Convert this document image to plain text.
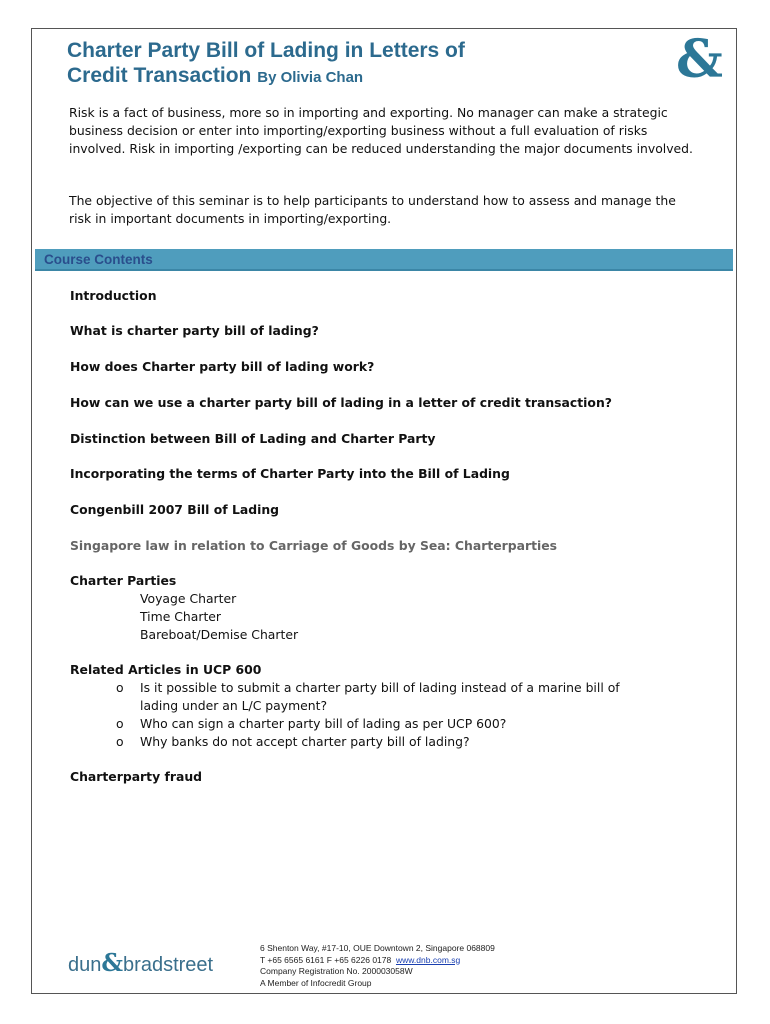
Charter Party Bill of Lading in Letters of
Credit Transaction By Olivia Chan	&

Risk is a fact of business, more so in importing and exporting. No manager can make a strategic business decision or enter into importing/exporting business without a full evaluation of risks involved. Risk in importing /exporting can be reduced understanding the major documents involved.

The objective of this seminar is to help participants to understand how to assess and manage the risk in important documents in importing/exporting.

Course Contents
Introduction
What is charter party bill of lading?
How does Charter party bill of lading work?
How can we use a charter party bill of lading in a letter of credit transaction?
Distinction between Bill of Lading and Charter Party
Incorporating the terms of Charter Party into the Bill of Lading
Congenbill 2007 Bill of Lading
Singapore law in relation to Carriage of Goods by Sea: Charterparties
Charter Parties
Voyage Charter
Time Charter
Bareboat/Demise Charter
Related Articles in UCP 600
o Is it possible to submit a charter party bill of lading instead of a marine bill of lading under an L/C payment?
o Who can sign a charter party bill of lading as per UCP 600?
o Why banks do not accept charter party bill of lading?
Charterparty fraud
dun&bradstreet
6 Shenton Way, #17-10, OUE Downtown 2, Singapore 068809
T +65 6565 6161 F +65 6226 0178 www.dnb.com.sg
Company Registration No. 200003058W
A Member of Infocredit Group
